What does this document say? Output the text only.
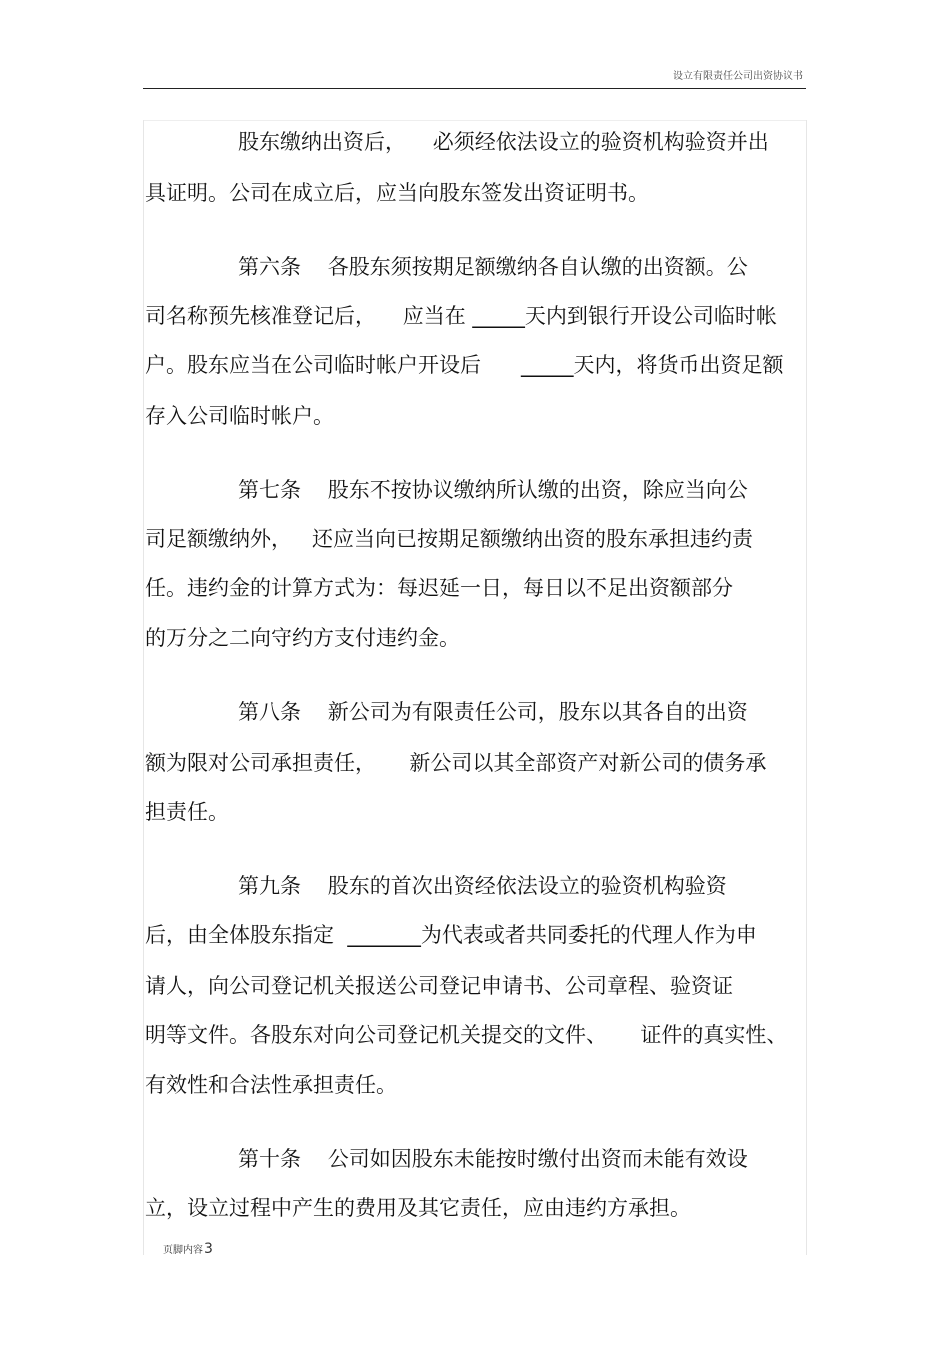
设立有限责任公司出资协议书
股东缴纳出资后，    必须经依法设立的验资机构验资并出
具证明。公司在成立后，应当向股东签发出资证明书。
第六条    各股东须按期足额缴纳各自认缴的出资额。公
司名称预先核准登记后，    应当在 _____天内到银行开设公司临时帐
户。股东应当在公司临时帐户开设后      _____天内，将货币出资足额
存入公司临时帐户。
第七条    股东不按协议缴纳所认缴的出资，除应当向公
司足额缴纳外，   还应当向已按期足额缴纳出资的股东承担违约责
任。违约金的计算方式为：每迟延一日，每日以不足出资额部分
的万分之二向守约方支付违约金。
第八条    新公司为有限责任公司，股东以其各自的出资
额为限对公司承担责任，     新公司以其全部资产对新公司的债务承
担责任。
第九条    股东的首次出资经依法设立的验资机构验资
后，由全体股东指定  _______为代表或者共同委托的代理人作为申
请人，向公司登记机关报送公司登记申请书、公司章程、验资证
明等文件。各股东对向公司登记机关提交的文件、     证件的真实性、
有效性和合法性承担责任。
第十条    公司如因股东未能按时缴付出资而未能有效设
立，设立过程中产生的费用及其它责任，应由违约方承担。
页脚内容3
